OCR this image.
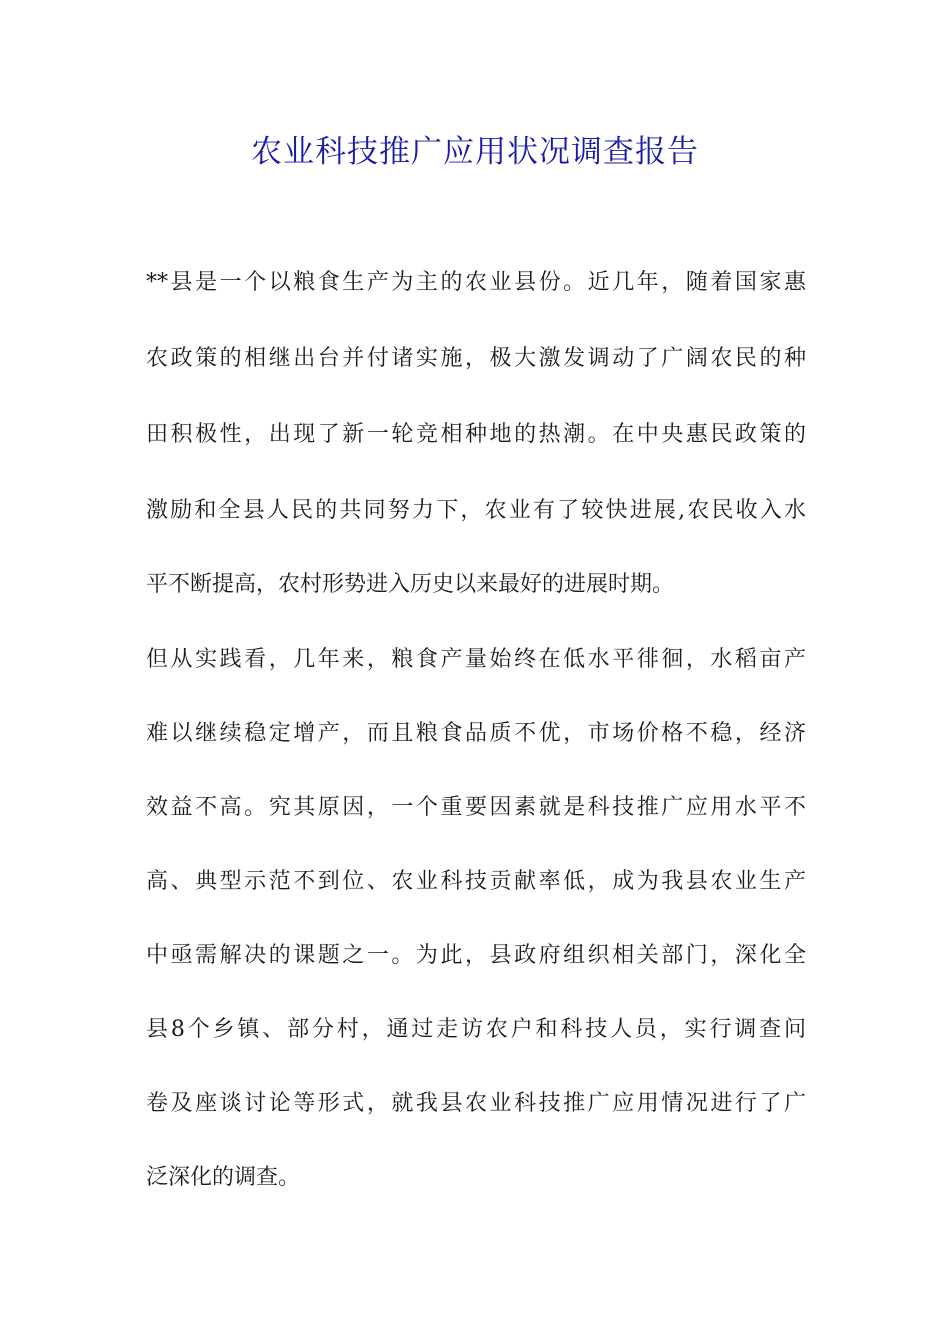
农业科技推广应用状况调查报告
**县是一个以粮食生产为主的农业县份。近几年，随着国家惠
农政策的相继出台并付诸实施，极大激发调动了广阔农民的种
田积极性，出现了新一轮竞相种地的热潮。在中央惠民政策的
激励和全县人民的共同努力下，农业有了较快进展,农民收入水
平不断提高，农村形势进入历史以来最好的进展时期。
但从实践看，几年来，粮食产量始终在低水平徘徊，水稻亩产
难以继续稳定增产，而且粮食品质不优，市场价格不稳，经济
效益不高。究其原因，一个重要因素就是科技推广应用水平不
高、典型示范不到位、农业科技贡献率低，成为我县农业生产
中亟需解决的课题之一。为此，县政府组织相关部门，深化全
县8个乡镇、部分村，通过走访农户和科技人员，实行调查问
卷及座谈讨论等形式，就我县农业科技推广应用情况进行了广
泛深化的调查。
